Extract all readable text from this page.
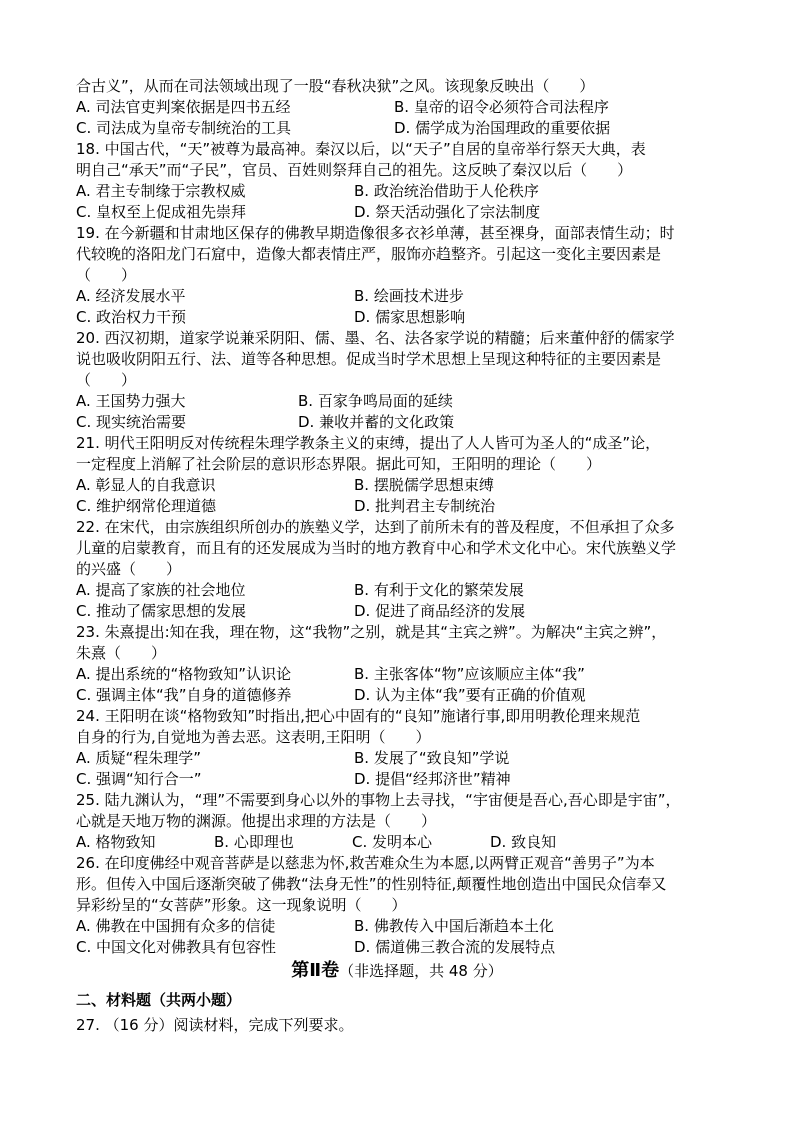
合古义”，从而在司法领域出现了一股“春秋决狱”之风。该现象反映出（　　）
A. 司法官吏判案依据是四书五经	B. 皇帝的诏令必须符合司法程序
C. 司法成为皇帝专制统治的工具	D. 儒学成为治国理政的重要依据
18. 中国古代，“天”被尊为最高神。秦汉以后，以“天子”自居的皇帝举行祭天大典，表
明自己“承天”而“子民”，官员、百姓则祭拜自己的祖先。这反映了秦汉以后（　　）
A. 君主专制缘于宗教权威	B. 政治统治借助于人伦秩序
C. 皇权至上促成祖先崇拜	D. 祭天活动强化了宗法制度
19. 在今新疆和甘肃地区保存的佛教早期造像很多衣衫单薄，甚至裸身，面部表情生动；时
代较晚的洛阳龙门石窟中，造像大都表情庄严，服饰亦趋整齐。引起这一变化主要因素是
（　　）
A. 经济发展水平	B. 绘画技术进步
C. 政治权力干预	D. 儒家思想影响
20. 西汉初期，道家学说兼采阴阳、儒、墨、名、法各家学说的精髓；后来董仲舒的儒家学
说也吸收阴阳五行、法、道等各种思想。促成当时学术思想上呈现这种特征的主要因素是
（　　）
A. 王国势力强大	B. 百家争鸣局面的延续
C. 现实统治需要	D. 兼收并蓄的文化政策
21. 明代王阳明反对传统程朱理学教条主义的束缚，提出了人人皆可为圣人的“成圣”论，
一定程度上消解了社会阶层的意识形态界限。据此可知，王阳明的理论（　　）
A. 彰显人的自我意识	B. 摆脱儒学思想束缚
C. 维护纲常伦理道德	D. 批判君主专制统治
22. 在宋代，由宗族组织所创办的族塾义学，达到了前所未有的普及程度，不但承担了众多
儿童的启蒙教育，而且有的还发展成为当时的地方教育中心和学术文化中心。宋代族塾义学
的兴盛（　　）
A. 提高了家族的社会地位	B. 有利于文化的繁荣发展
C. 推动了儒家思想的发展	D. 促进了商品经济的发展
23. 朱熹提出:知在我，理在物，这“我物”之别，就是其“主宾之辨”。为解决“主宾之辨”，
朱熹（　　）
A. 提出系统的“格物致知”认识论	B. 主张客体“物”应该顺应主体“我”
C. 强调主体“我”自身的道德修养	D. 认为主体“我”要有正确的价值观
24. 王阳明在谈“格物致知”时指出,把心中固有的“良知”施诸行事,即用明教伦理来规范
自身的行为,自觉地为善去恶。这表明,王阳明（　　）
A. 质疑“程朱理学”	B. 发展了“致良知”学说
C. 强调“知行合一”	D. 提倡“经邦济世”精神
25. 陆九渊认为，“理”不需要到身心以外的事物上去寻找，“宇宙便是吾心,吾心即是宇宙”，
心就是天地万物的渊源。他提出求理的方法是（　　）
A. 格物致知	B. 心即理也	C. 发明本心	D. 致良知
26. 在印度佛经中观音菩萨是以慈悲为怀,救苦难众生为本愿,以两臂正观音“善男子”为本
形。但传入中国后逐渐突破了佛教“法身无性”的性别特征,颠覆性地创造出中国民众信奉又
异彩纷呈的“女菩萨”形象。这一现象说明（　　）
A. 佛教在中国拥有众多的信徒	B. 佛教传入中国后渐趋本土化
C. 中国文化对佛教具有包容性	D. 儒道佛三教合流的发展特点
第Ⅱ卷（非选择题，共 48 分）
二、材料题（共两小题）
27. （16 分）阅读材料，完成下列要求。
